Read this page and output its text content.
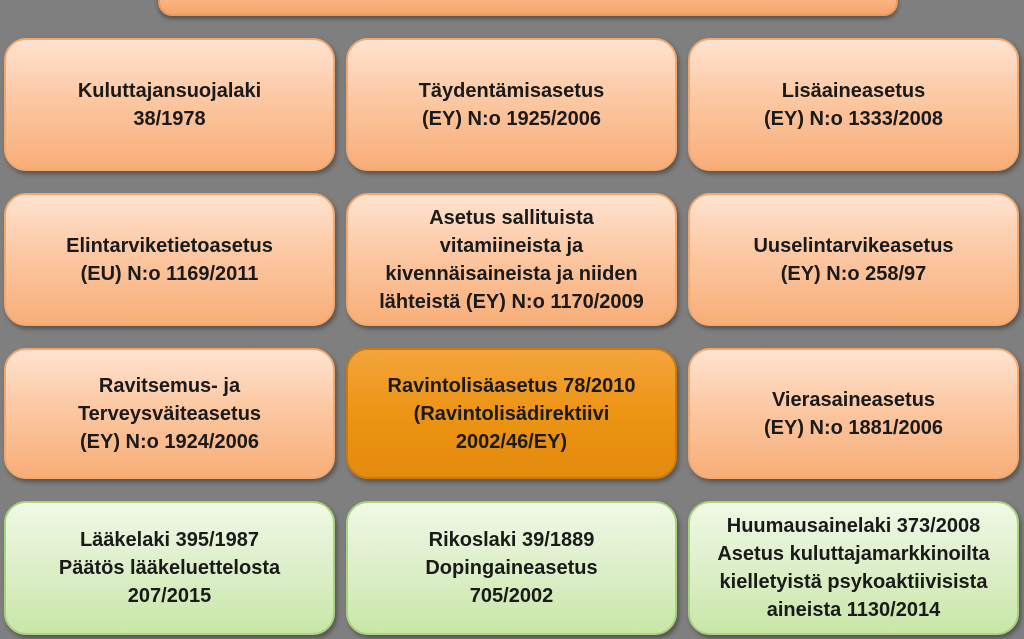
Kuluttajansuojalaki
38/1978
Täydentämisasetus
(EY) N:o 1925/2006
Lisäaineasetus
(EY) N:o 1333/2008
Elintarviketietoasetus
(EU) N:o 1169/2011
Asetus sallituista
vitamiineista ja
kivennäisaineista ja niiden
lähteistä (EY) N:o 1170/2009
Uuselintarvikeasetus
(EY) N:o 258/97
Ravitsemus- ja
Terveysväiteasetus
(EY) N:o 1924/2006
Ravintolisäasetus 78/2010
(Ravintolisädirektiivi
2002/46/EY)
Vierasaineasetus
(EY) N:o 1881/2006
Lääkelaki 395/1987
Päätös lääkeluettelosta
207/2015
Rikoslaki 39/1889
Dopingaineasetus
705/2002
Huumausainelaki 373/2008
Asetus kuluttajamarkkinoilta
kielletyistä psykoaktiivisista
aineista 1130/2014
